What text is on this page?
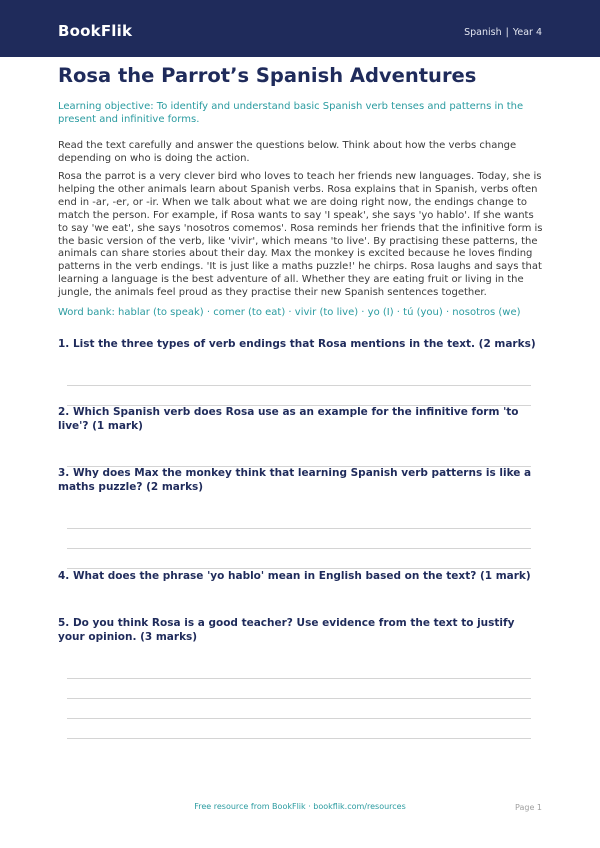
BookFlik	Spanish | Year 4
Rosa the Parrot’s Spanish Adventures
Learning objective: To identify and understand basic Spanish verb tenses and patterns in the present and infinitive forms.
Read the text carefully and answer the questions below. Think about how the verbs change depending on who is doing the action.
Rosa the parrot is a very clever bird who loves to teach her friends new languages. Today, she is helping the other animals learn about Spanish verbs. Rosa explains that in Spanish, verbs often end in -ar, -er, or -ir. When we talk about what we are doing right now, the endings change to match the person. For example, if Rosa wants to say 'I speak', she says 'yo hablo'. If she wants to say 'we eat', she says 'nosotros comemos'. Rosa reminds her friends that the infinitive form is the basic version of the verb, like 'vivir', which means 'to live'. By practising these patterns, the animals can share stories about their day. Max the monkey is excited because he loves finding patterns in the verb endings. 'It is just like a maths puzzle!' he chirps. Rosa laughs and says that learning a language is the best adventure of all. Whether they are eating fruit or living in the jungle, the animals feel proud as they practise their new Spanish sentences together.
Word bank: hablar (to speak) · comer (to eat) · vivir (to live) · yo (I) · tú (you) · nosotros (we)
1. List the three types of verb endings that Rosa mentions in the text. (2 marks)
2. Which Spanish verb does Rosa use as an example for the infinitive form 'to live'? (1 mark)
3. Why does Max the monkey think that learning Spanish verb patterns is like a maths puzzle? (2 marks)
4. What does the phrase 'yo hablo' mean in English based on the text? (1 mark)
5. Do you think Rosa is a good teacher? Use evidence from the text to justify your opinion. (3 marks)
Free resource from BookFlik · bookflik.com/resources	Page 1
